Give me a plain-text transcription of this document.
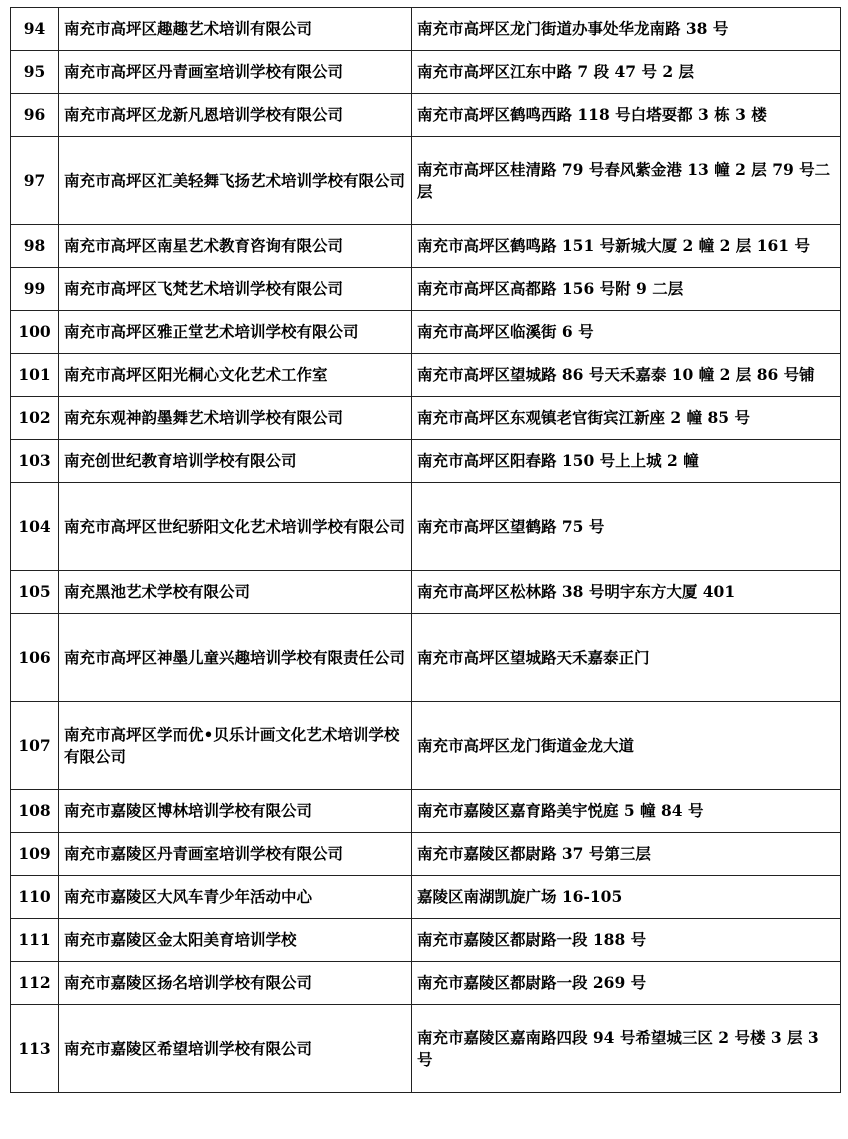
94	南充市高坪区趣趣艺术培训有限公司	南充市高坪区龙门街道办事处华龙南路 38 号
95	南充市高坪区丹青画室培训学校有限公司	南充市高坪区江东中路 7 段 47 号 2 层
96	南充市高坪区龙新凡恩培训学校有限公司	南充市高坪区鹤鸣西路 118 号白塔耍都 3 栋 3 楼
97	南充市高坪区汇美轻舞飞扬艺术培训学校有限公司	南充市高坪区桂清路 79 号春风紫金港 13 幢 2 层 79 号二层
98	南充市高坪区南星艺术教育咨询有限公司	南充市高坪区鹤鸣路 151 号新城大厦 2 幢 2 层 161 号
99	南充市高坪区飞梵艺术培训学校有限公司	南充市高坪区高都路 156 号附 9 二层
100	南充市高坪区雅正堂艺术培训学校有限公司	南充市高坪区临溪街 6 号
101	南充市高坪区阳光桐心文化艺术工作室	南充市高坪区望城路 86 号天禾嘉泰 10 幢 2 层 86 号铺
102	南充东观神韵墨舞艺术培训学校有限公司	南充市高坪区东观镇老官街宾江新座 2 幢 85 号
103	南充创世纪教育培训学校有限公司	南充市高坪区阳春路 150 号上上城 2 幢
104	南充市高坪区世纪骄阳文化艺术培训学校有限公司	南充市高坪区望鹤路 75 号
105	南充黑池艺术学校有限公司	南充市高坪区松林路 38 号明宇东方大厦 401
106	南充市高坪区神墨儿童兴趣培训学校有限责任公司	南充市高坪区望城路天禾嘉泰正门
107	南充市高坪区学而优•贝乐计画文化艺术培训学校有限公司	南充市高坪区龙门街道金龙大道
108	南充市嘉陵区博林培训学校有限公司	南充市嘉陵区嘉育路美宇悦庭 5 幢 84 号
109	南充市嘉陵区丹青画室培训学校有限公司	南充市嘉陵区都尉路 37 号第三层
110	南充市嘉陵区大风车青少年活动中心	嘉陵区南湖凯旋广场 16-105
111	南充市嘉陵区金太阳美育培训学校	南充市嘉陵区都尉路一段 188 号
112	南充市嘉陵区扬名培训学校有限公司	南充市嘉陵区都尉路一段 269 号
113	南充市嘉陵区希望培训学校有限公司	南充市嘉陵区嘉南路四段 94 号希望城三区 2 号楼 3 层 3 号
